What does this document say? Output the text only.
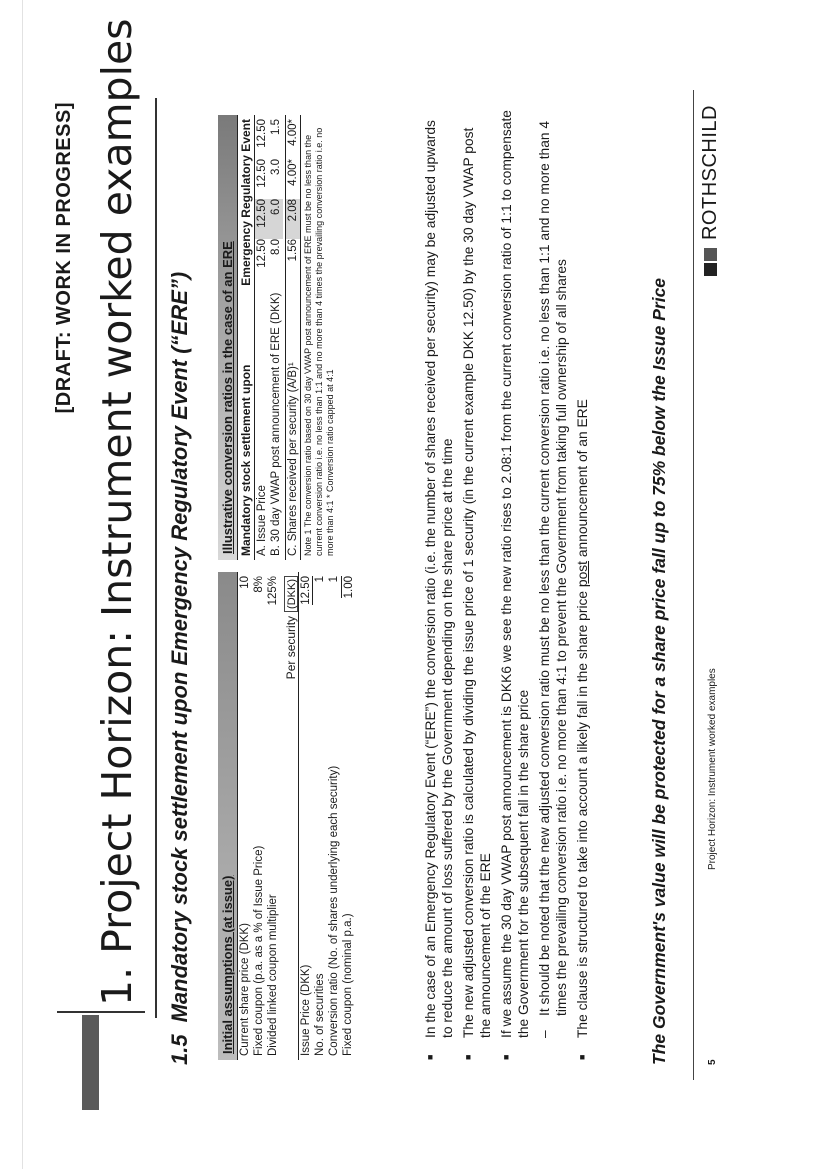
[DRAFT: WORK IN PROGRESS] 1. Project Horizon: Instrument worked examples
1.5Mandatory stock settlement upon Emergency Regulatory Event (“ERE”) Initial assumptions (at issue) Current share price (DKK)
10
Fixed coupon (p.a. as a % of Issue Price)
8%
Divided linked coupon multiplier
125%
Per security
(DKK)
Issue Price (DKK)
12.50
No. of securities
1
Conversion ratio (No. of shares underlying each security)
1
Fixed coupon (nominal p.a.)
1.00
Illustrative conversion ratios in the case of an ERE Mandatory stock settlement upon
Emergency Regulatory Event
A. Issue Price
12.50
12.50
12.50
12.50
B. 30 day VWAP post announcement of ERE (DKK)
8.0
6.0
3.0
1.5
C. Shares received per security (A/B)¹
1.56
2.08
4.00*
4.00*
Note 1 The conversion ratio based on 30 day VWAP post announcement of ERE must be no less than the current conversion ratio i.e. no less than 1:1 and no more than 4 times the prevailing conversion ratio i.e. no more than 4:1 * Conversion ratio capped at 4:1
■
In the case of an Emergency Regulatory Event (“ERE”) the conversion ratio (i.e. the number of shares received per security) may be adjusted upwards to reduce the amount of loss suffered by the Government depending on the share price at the time
■
The new adjusted conversion ratio is calculated by dividing the issue price of 1 security (in the current example DKK 12.50) by the 30 day VWAP post the announcement of the ERE
■
If we assume the 30 day VWAP post announcement is DKK6 we see the new ratio rises to 2.08:1 from the current conversion ratio of 1:1 to compensate the Government for the subsequent fall in the share price –
It should be noted that the new adjusted conversion ratio must be no less than the current conversion ratio i.e. no less than 1:1 and no more than 4 times the prevailing conversion ratio i.e. no more than 4:1 to prevent the Government from taking full ownership of all shares
■
The clause is structured to take into account a likely fall in the share price post announcement of an ERE	The Government's value will be protected for a share price fall up to 75% below the Issue Price	5
Project Horizon: Instrument worked examples
ROTHSCHILD
